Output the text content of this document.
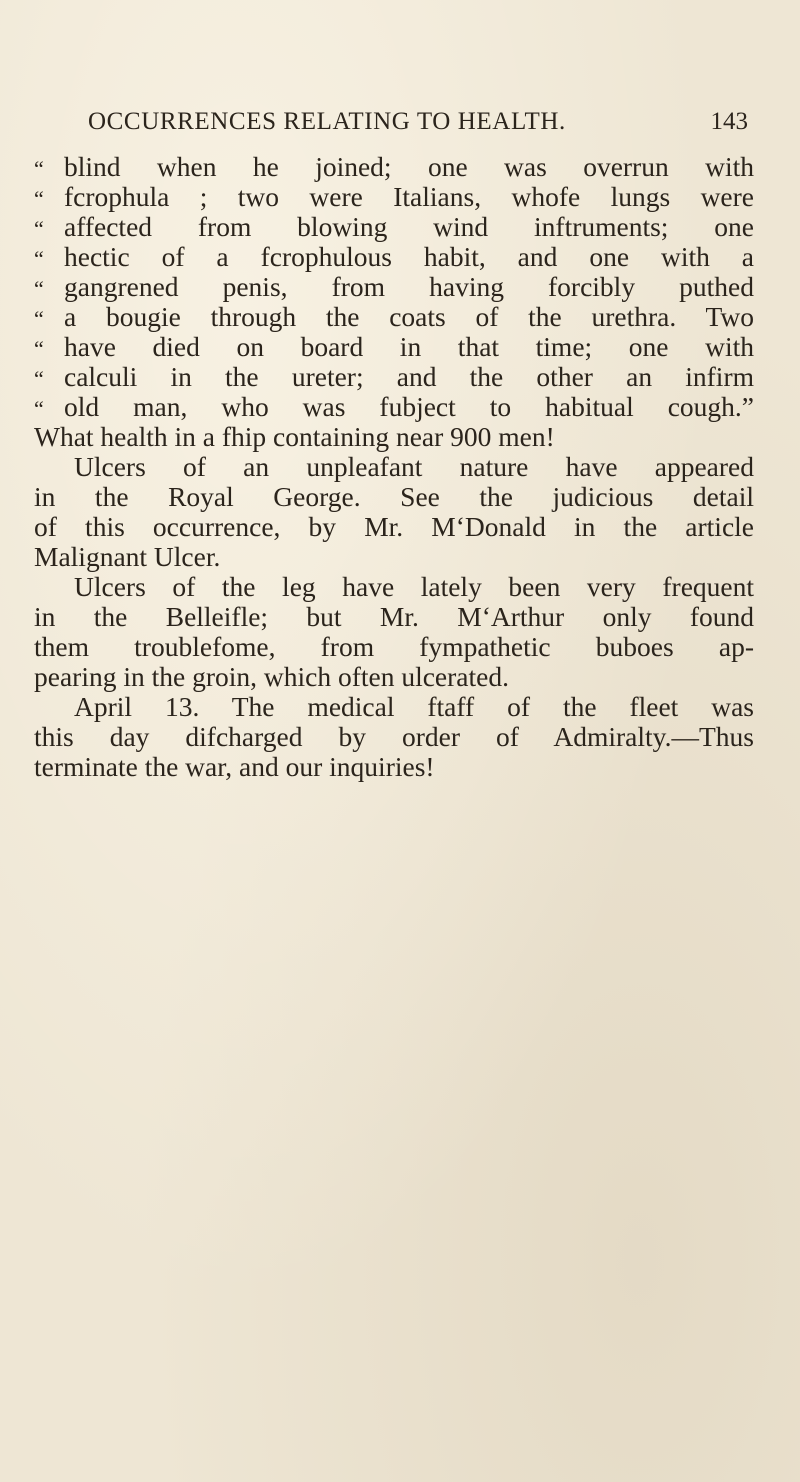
OCCURRENCES RELATING TO HEALTH.	143
“ blind when he joined; one was overrun with
“ fcrophula ; two were Italians, whofe lungs were
“ affected from blowing wind inftruments; one
“ hectic of a fcrophulous habit, and one with a
“ gangrened penis, from having forcibly puthed
“ a bougie through the coats of the urethra. Two
“ have died on board in that time; one with
“ calculi in the ureter; and the other an infirm
“ old man, who was fubject to habitual cough.”
What health in a fhip containing near 900 men!
Ulcers of an unpleafant nature have appeared
in the Royal George. See the judicious detail
of this occurrence, by Mr. M‘Donald in the article
Malignant Ulcer.
Ulcers of the leg have lately been very frequent
in the Belleifle; but Mr. M‘Arthur only found
them troublefome, from fympathetic buboes ap-
pearing in the groin, which often ulcerated.
April 13. The medical ftaff of the fleet was
this day difcharged by order of Admiralty.—Thus
terminate the war, and our inquiries!
